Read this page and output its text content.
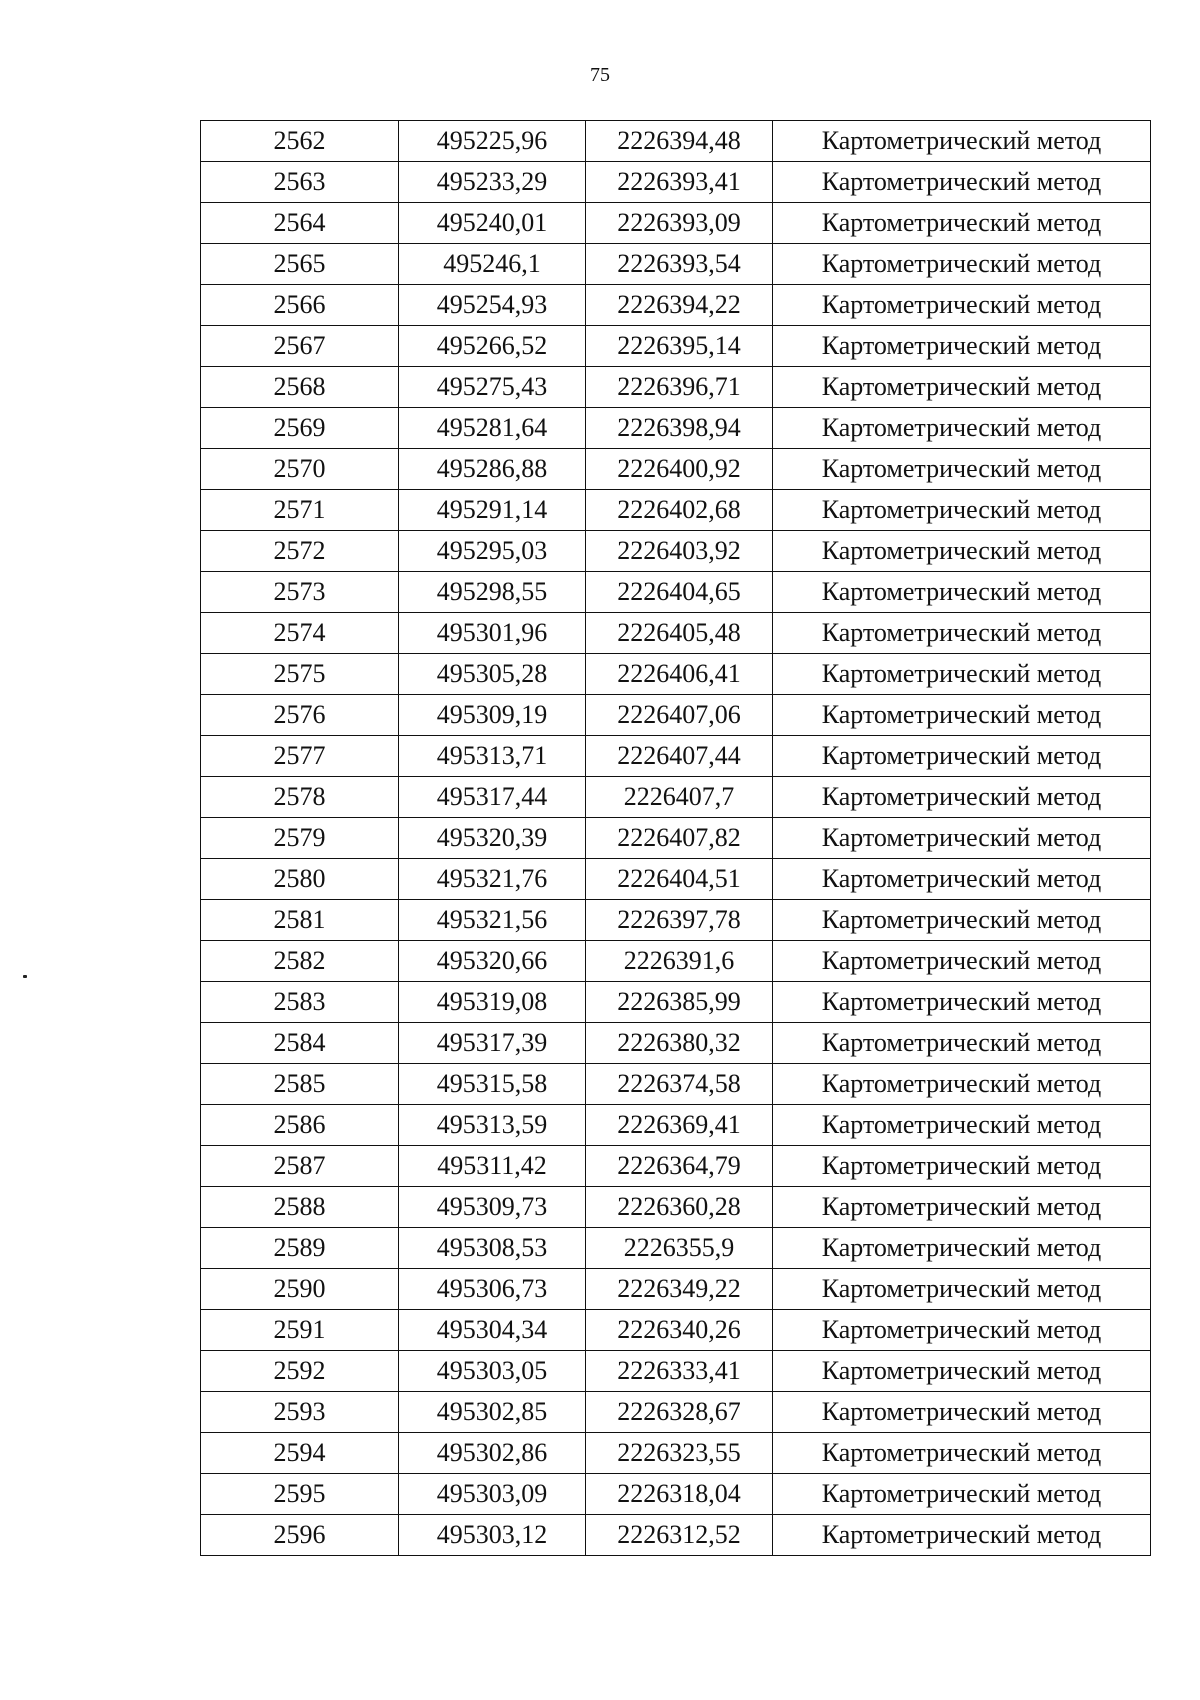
75
2562	495225,96	2226394,48	Картометрический метод
2563	495233,29	2226393,41	Картометрический метод
2564	495240,01	2226393,09	Картометрический метод
2565	495246,1	2226393,54	Картометрический метод
2566	495254,93	2226394,22	Картометрический метод
2567	495266,52	2226395,14	Картометрический метод
2568	495275,43	2226396,71	Картометрический метод
2569	495281,64	2226398,94	Картометрический метод
2570	495286,88	2226400,92	Картометрический метод
2571	495291,14	2226402,68	Картометрический метод
2572	495295,03	2226403,92	Картометрический метод
2573	495298,55	2226404,65	Картометрический метод
2574	495301,96	2226405,48	Картометрический метод
2575	495305,28	2226406,41	Картометрический метод
2576	495309,19	2226407,06	Картометрический метод
2577	495313,71	2226407,44	Картометрический метод
2578	495317,44	2226407,7	Картометрический метод
2579	495320,39	2226407,82	Картометрический метод
2580	495321,76	2226404,51	Картометрический метод
2581	495321,56	2226397,78	Картометрический метод
2582	495320,66	2226391,6	Картометрический метод
2583	495319,08	2226385,99	Картометрический метод
2584	495317,39	2226380,32	Картометрический метод
2585	495315,58	2226374,58	Картометрический метод
2586	495313,59	2226369,41	Картометрический метод
2587	495311,42	2226364,79	Картометрический метод
2588	495309,73	2226360,28	Картометрический метод
2589	495308,53	2226355,9	Картометрический метод
2590	495306,73	2226349,22	Картометрический метод
2591	495304,34	2226340,26	Картометрический метод
2592	495303,05	2226333,41	Картометрический метод
2593	495302,85	2226328,67	Картометрический метод
2594	495302,86	2226323,55	Картометрический метод
2595	495303,09	2226318,04	Картометрический метод
2596	495303,12	2226312,52	Картометрический метод
